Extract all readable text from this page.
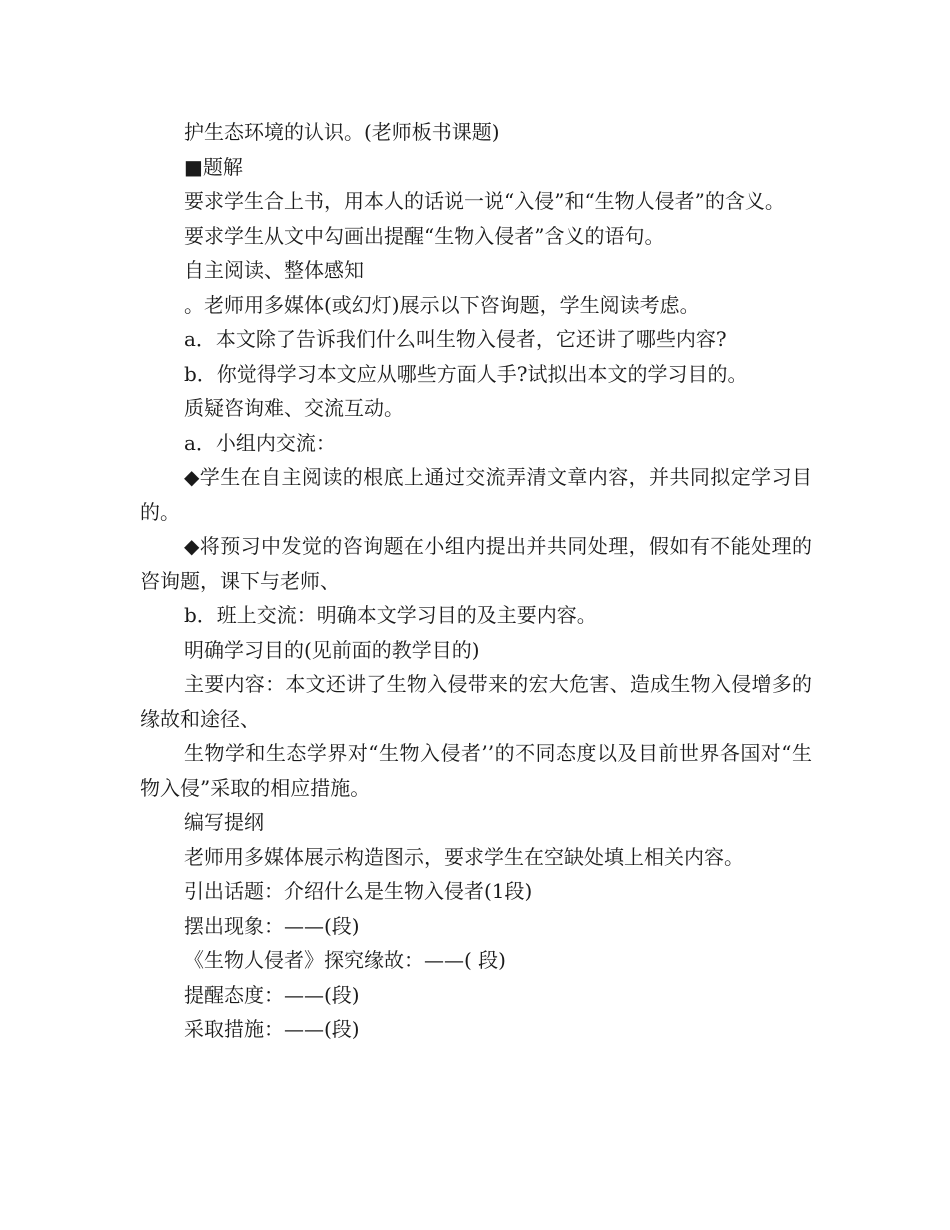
护生态环境的认识。(老师板书课题)

■题解

要求学生合上书，用本人的话说一说“入侵”和“生物人侵者”的含义。

要求学生从文中勾画出提醒“生物入侵者”含义的语句。

自主阅读、整体感知

。老师用多媒体(或幻灯)展示以下咨询题，学生阅读考虑。

a．本文除了告诉我们什么叫生物入侵者，它还讲了哪些内容?

b．你觉得学习本文应从哪些方面人手?试拟出本文的学习目的。

质疑咨询难、交流互动。

a．小组内交流：

◆学生在自主阅读的根底上通过交流弄清文章内容，并共同拟定学习目的。

◆将预习中发觉的咨询题在小组内提出并共同处理，假如有不能处理的咨询题，课下与老师、

b．班上交流：明确本文学习目的及主要内容。

明确学习目的(见前面的教学目的)

主要内容：本文还讲了生物入侵带来的宏大危害、造成生物入侵增多的缘故和途径、

生物学和生态学界对“生物入侵者’’的不同态度以及目前世界各国对“生物入侵”采取的相应措施。

编写提纲

老师用多媒体展示构造图示，要求学生在空缺处填上相关内容。

引出话题：介绍什么是生物入侵者(1段)

摆出现象：——(段)

《生物人侵者》探究缘故：——( 段)

提醒态度：——(段)

采取措施：——(段)
